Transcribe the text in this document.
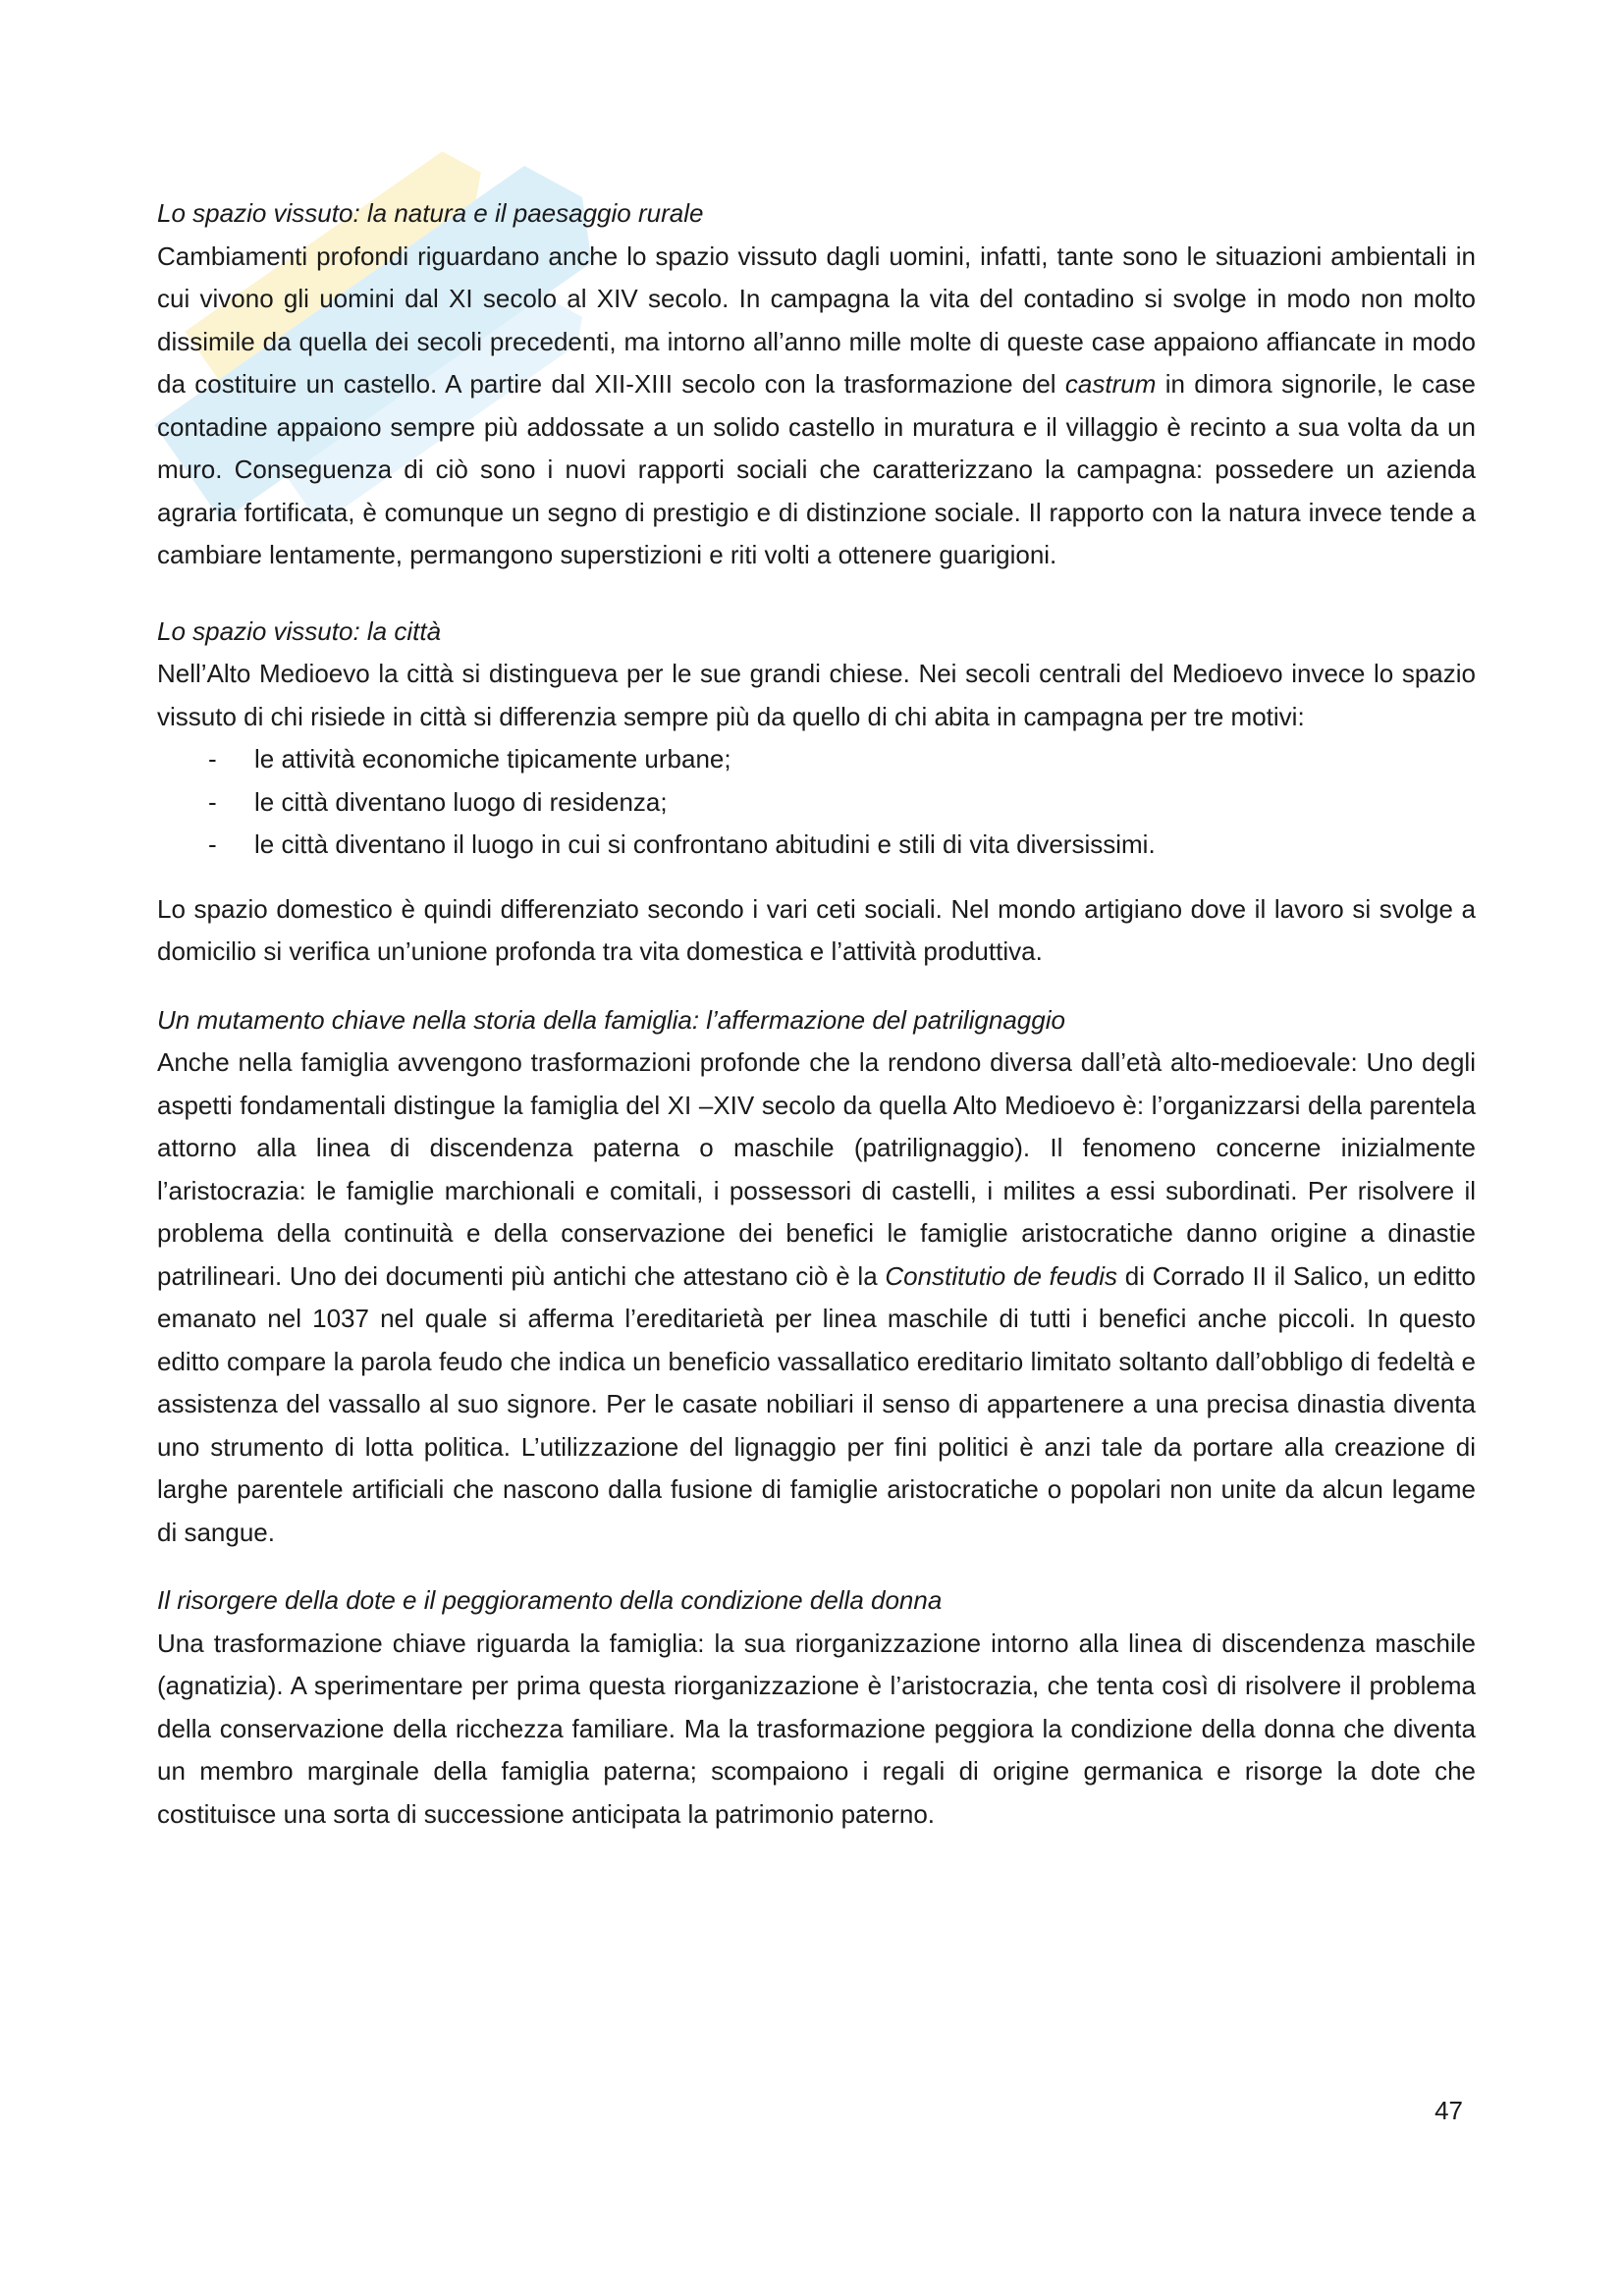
Lo spazio vissuto: la natura e il paesaggio rurale

Cambiamenti profondi riguardano anche lo spazio vissuto dagli uomini, infatti, tante sono le situazioni ambientali in cui vivono gli uomini dal XI secolo al XIV secolo. In campagna la vita del contadino si svolge in modo non molto dissimile da quella dei secoli precedenti, ma intorno all’anno mille molte di queste case appaiono affiancate in modo da costituire un castello. A partire dal XII-XIII secolo con la trasformazione del castrum in dimora signorile, le case contadine appaiono sempre più addossate a un solido castello in muratura e il villaggio è recinto a sua volta da un muro. Conseguenza di ciò sono i nuovi rapporti sociali che caratterizzano la campagna: possedere un azienda agraria fortificata, è comunque un segno di prestigio e di distinzione sociale. Il rapporto con la natura invece tende a cambiare lentamente, permangono superstizioni e riti volti a ottenere guarigioni.

Lo spazio vissuto: la città

Nell’Alto Medioevo la città si distingueva per le sue grandi chiese. Nei secoli centrali del Medioevo invece lo spazio vissuto di chi risiede in città si differenzia sempre più da quello di chi abita in campagna per tre motivi:

- le attività economiche tipicamente urbane;
- le città diventano luogo di residenza;
- le città diventano il luogo in cui si confrontano abitudini e stili di vita diversissimi.

Lo spazio domestico è quindi differenziato secondo i vari ceti sociali. Nel mondo artigiano dove il lavoro si svolge a domicilio si verifica un’unione profonda tra vita domestica e l’attività produttiva.

Un mutamento chiave nella storia della famiglia: l’affermazione del patrilignaggio

Anche nella famiglia avvengono trasformazioni profonde che la rendono diversa dall’età alto-medioevale: Uno degli aspetti fondamentali distingue la famiglia del XI –XIV secolo da quella Alto Medioevo è: l’organizzarsi della parentela attorno alla linea di discendenza paterna o maschile (patrilignaggio). Il fenomeno concerne inizialmente l’aristocrazia: le famiglie marchionali e comitali, i possessori di castelli, i milites a essi subordinati. Per risolvere il problema della continuità e della conservazione dei benefici le famiglie aristocratiche danno origine a dinastie patrilineari. Uno dei documenti più antichi che attestano ciò è la Constitutio de feudis di Corrado II il Salico, un editto emanato nel 1037 nel quale si afferma l’ereditarietà per linea maschile di tutti i benefici anche piccoli. In questo editto compare la parola feudo che indica un beneficio vassallatico ereditario limitato soltanto dall’obbligo di fedeltà e assistenza del vassallo al suo signore. Per le casate nobiliari il senso di appartenere a una precisa dinastia diventa uno strumento di lotta politica. L’utilizzazione del lignaggio per fini politici è anzi tale da portare alla creazione di larghe parentele artificiali che nascono dalla fusione di famiglie aristocratiche o popolari non unite da alcun legame di sangue.

Il risorgere della dote e il peggioramento della condizione della donna

Una trasformazione chiave riguarda la famiglia: la sua riorganizzazione intorno alla linea di discendenza maschile (agnatizia). A sperimentare per prima questa riorganizzazione è l’aristocrazia, che tenta così di risolvere il problema della conservazione della ricchezza familiare. Ma la trasformazione peggiora la condizione della donna che diventa un membro marginale della famiglia paterna; scompaiono i regali di origine germanica e risorge la dote che costituisce una sorta di successione anticipata la patrimonio paterno.

47
